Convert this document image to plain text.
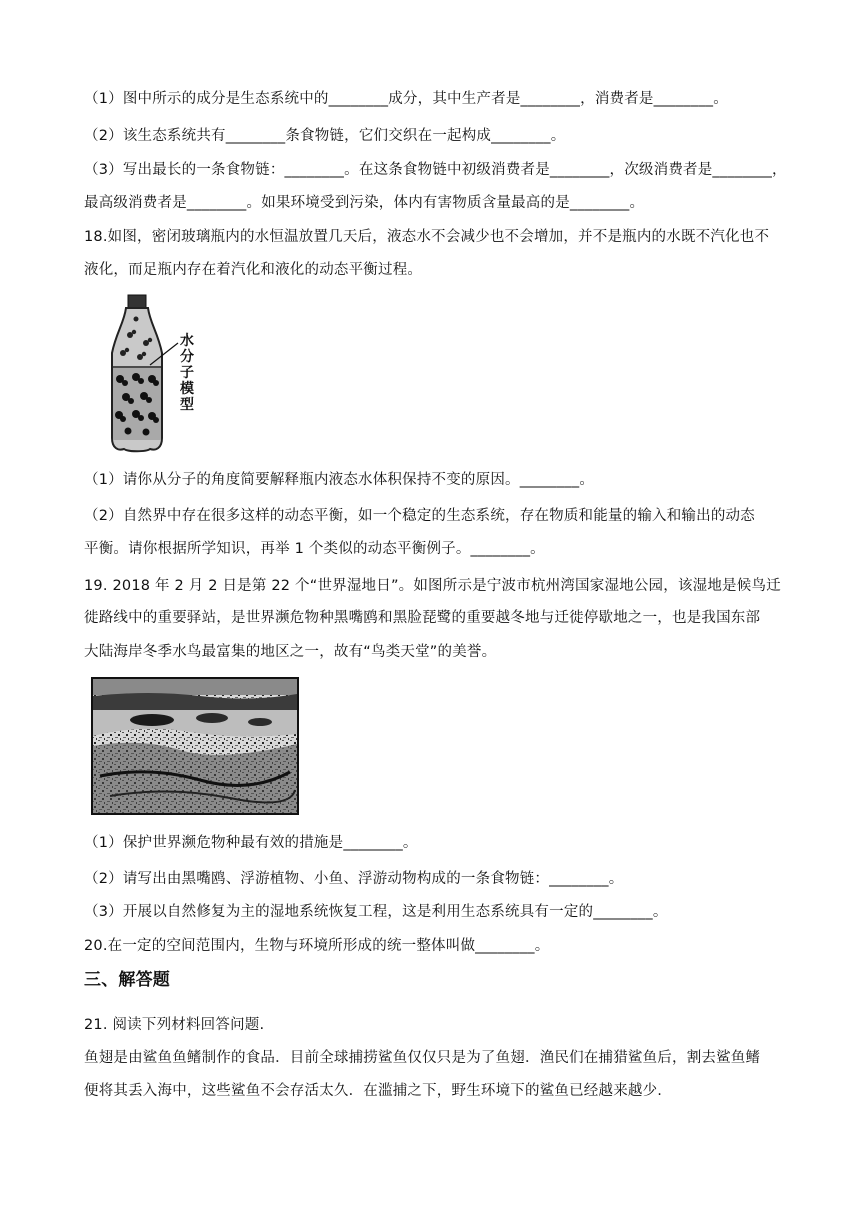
（1）图中所示的成分是生态系统中的________成分，其中生产者是________，消费者是________。
（2）该生态系统共有________条食物链，它们交织在一起构成________。
（3）写出最长的一条食物链：________。在这条食物链中初级消费者是________，次级消费者是________，
最高级消费者是________。如果环境受到污染，体内有害物质含量最高的是________。
18.如图，密闭玻璃瓶内的水恒温放置几天后，液态水不会减少也不会增加，并不是瓶内的水既不汽化也不
液化，而足瓶内存在着汽化和液化的动态平衡过程。
水分子模型
（1）请你从分子的角度简要解释瓶内液态水体积保持不变的原因。________。
（2）自然界中存在很多这样的动态平衡，如一个稳定的生态系统，存在物质和能量的输入和输出的动态
平衡。请你根据所学知识，再举 1 个类似的动态平衡例子。________。
19. 2018 年 2 月 2 日是第 22 个“世界湿地日”。如图所示是宁波市杭州湾国家湿地公园，该湿地是候鸟迁
徙路线中的重要驿站，是世界濒危物种黑嘴鸥和黑脸琵鹭的重要越冬地与迁徙停歇地之一，也是我国东部
大陆海岸冬季水鸟最富集的地区之一，故有“鸟类天堂”的美誉。
（1）保护世界濒危物种最有效的措施是________。
（2）请写出由黑嘴鸥、浮游植物、小鱼、浮游动物构成的一条食物链：________。
（3）开展以自然修复为主的湿地系统恢复工程，这是利用生态系统具有一定的________。
20.在一定的空间范围内，生物与环境所形成的统一整体叫做________。
三、解答题
21. 阅读下列材料回答问题.
鱼翅是由鲨鱼鱼鳍制作的食品．目前全球捕捞鲨鱼仅仅只是为了鱼翅．渔民们在捕猎鲨鱼后，割去鲨鱼鳍
便将其丢入海中，这些鲨鱼不会存活太久．在滥捕之下，野生环境下的鲨鱼已经越来越少.
